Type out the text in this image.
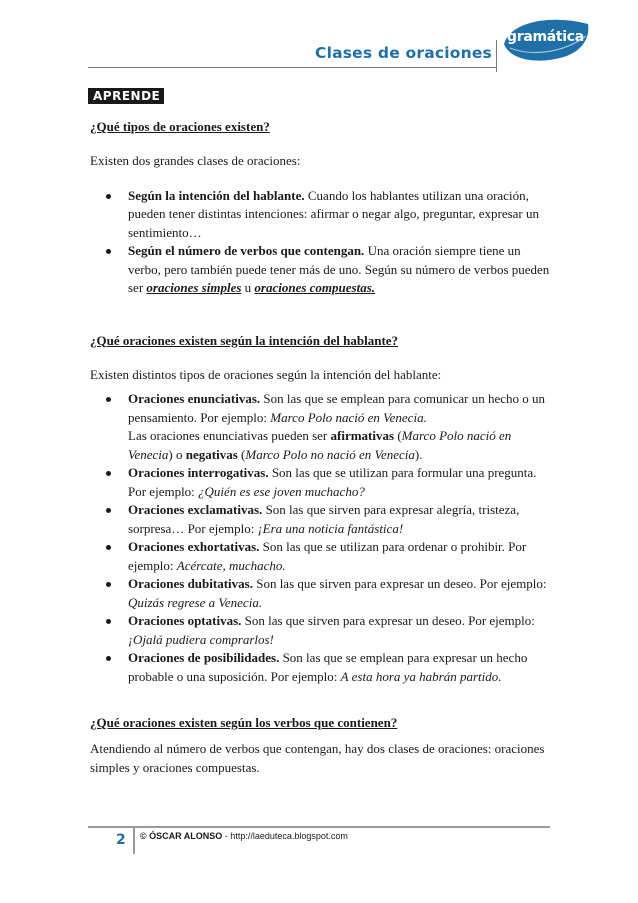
Clases de oraciones
gramática
APRENDE
¿Qué tipos de oraciones existen?

Existen dos grandes clases de oraciones:

Según la intención del hablante. Cuando los hablantes utilizan una oración, pueden tener distintas intenciones: afirmar o negar algo, preguntar, expresar un sentimiento…
Según el número de verbos que contengan. Una oración siempre tiene un verbo, pero también puede tener más de uno. Según su número de verbos pueden ser oraciones simples u oraciones compuestas.
¿Qué oraciones existen según la intención del hablante?

Existen distintos tipos de oraciones según la intención del hablante:

Oraciones enunciativas. Son las que se emplean para comunicar un hecho o un pensamiento. Por ejemplo: Marco Polo nació en Venecia.
Las oraciones enunciativas pueden ser afirmativas (Marco Polo nació en Venecia) o negativas (Marco Polo no nació en Venecia).
Oraciones interrogativas. Son las que se utilizan para formular una pregunta. Por ejemplo: ¿Quién es ese joven muchacho?
Oraciones exclamativas. Son las que sirven para expresar alegría, tristeza, sorpresa… Por ejemplo: ¡Era una noticia fantástica!
Oraciones exhortativas. Son las que se utilizan para ordenar o prohibir. Por ejemplo: Acércate, muchacho.
Oraciones dubitativas. Son las que sirven para expresar un deseo. Por ejemplo: Quizás regrese a Venecia.
Oraciones optativas. Son las que sirven para expresar un deseo. Por ejemplo: ¡Ojalá pudiera comprarlos!
Oraciones de posibilidades. Son las que se emplean para expresar un hecho probable o una suposición. Por ejemplo: A esta hora ya habrán partido.
¿Qué oraciones existen según los verbos que contienen?

Atendiendo al número de verbos que contengan, hay dos clases de oraciones: oraciones simples y oraciones compuestas.

2 © ÓSCAR ALONSO - http://laeduteca.blogspot.com
